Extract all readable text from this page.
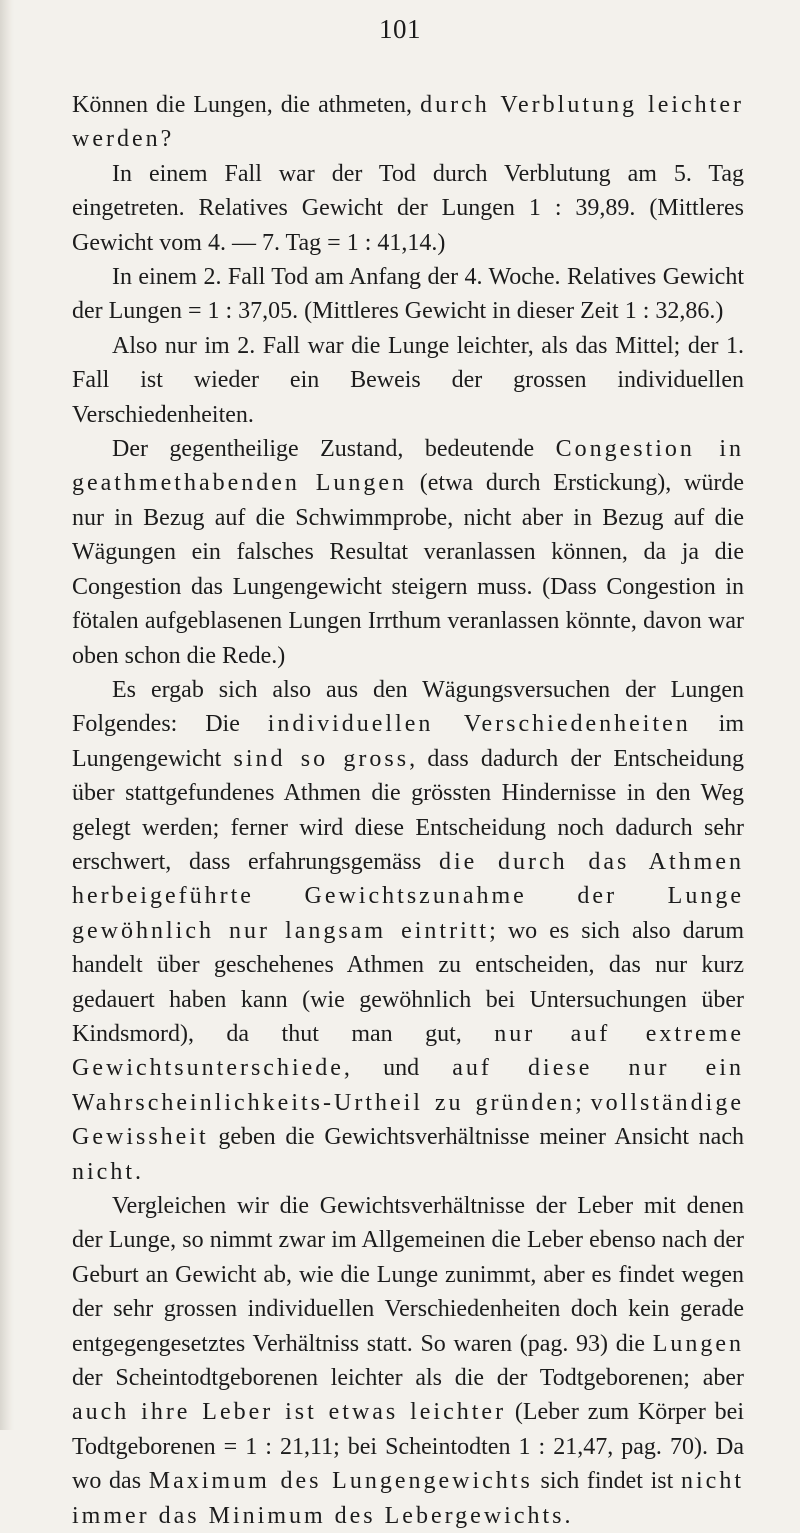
101

Können die Lungen, die athmeten, durch Verblutung leichter werden?

In einem Fall war der Tod durch Verblutung am 5. Tag eingetreten. Relatives Gewicht der Lungen 1 : 39,89. (Mittleres Gewicht vom 4. — 7. Tag = 1 : 41,14.)

In einem 2. Fall Tod am Anfang der 4. Woche. Relatives Gewicht der Lungen = 1 : 37,05. (Mittleres Gewicht in dieser Zeit 1 : 32,86.)

Also nur im 2. Fall war die Lunge leichter, als das Mittel; der 1. Fall ist wieder ein Beweis der grossen individuellen Verschiedenheiten.

Der gegentheilige Zustand, bedeutende Congestion in geathmethabenden Lungen (etwa durch Erstickung), würde nur in Bezug auf die Schwimmprobe, nicht aber in Bezug auf die Wägungen ein falsches Resultat veranlassen können, da ja die Congestion das Lungengewicht steigern muss. (Dass Congestion in fötalen aufgeblasenen Lungen Irrthum veranlassen könnte, davon war oben schon die Rede.)

Es ergab sich also aus den Wägungsversuchen der Lungen Folgendes: Die individuellen Verschiedenheiten im Lungengewicht sind so gross, dass dadurch der Entscheidung über stattgefundenes Athmen die grössten Hindernisse in den Weg gelegt werden; ferner wird diese Entscheidung noch dadurch sehr erschwert, dass erfahrungsgemäss die durch das Athmen herbeigeführte Gewichtszunahme der Lunge gewöhnlich nur langsam eintritt; wo es sich also darum handelt über geschehenes Athmen zu entscheiden, das nur kurz gedauert haben kann (wie gewöhnlich bei Untersuchungen über Kindsmord), da thut man gut, nur auf extreme Gewichtsunterschiede, und auf diese nur ein Wahrscheinlichkeits-Urtheil zu gründen; vollständige Gewissheit geben die Gewichtsverhältnisse meiner Ansicht nach nicht.

Vergleichen wir die Gewichtsverhältnisse der Leber mit denen der Lunge, so nimmt zwar im Allgemeinen die Leber ebenso nach der Geburt an Gewicht ab, wie die Lunge zunimmt, aber es findet wegen der sehr grossen individuellen Verschiedenheiten doch kein gerade entgegengesetztes Verhältniss statt. So waren (pag. 93) die Lungen der Scheintodtgeborenen leichter als die der Todtgeborenen; aber auch ihre Leber ist etwas leichter (Leber zum Körper bei Todtgeborenen = 1 : 21,11; bei Scheintodten 1 : 21,47, pag. 70). Da wo das Maximum des Lungengewichts sich findet ist nicht immer das Minimum des Lebergewichts.
